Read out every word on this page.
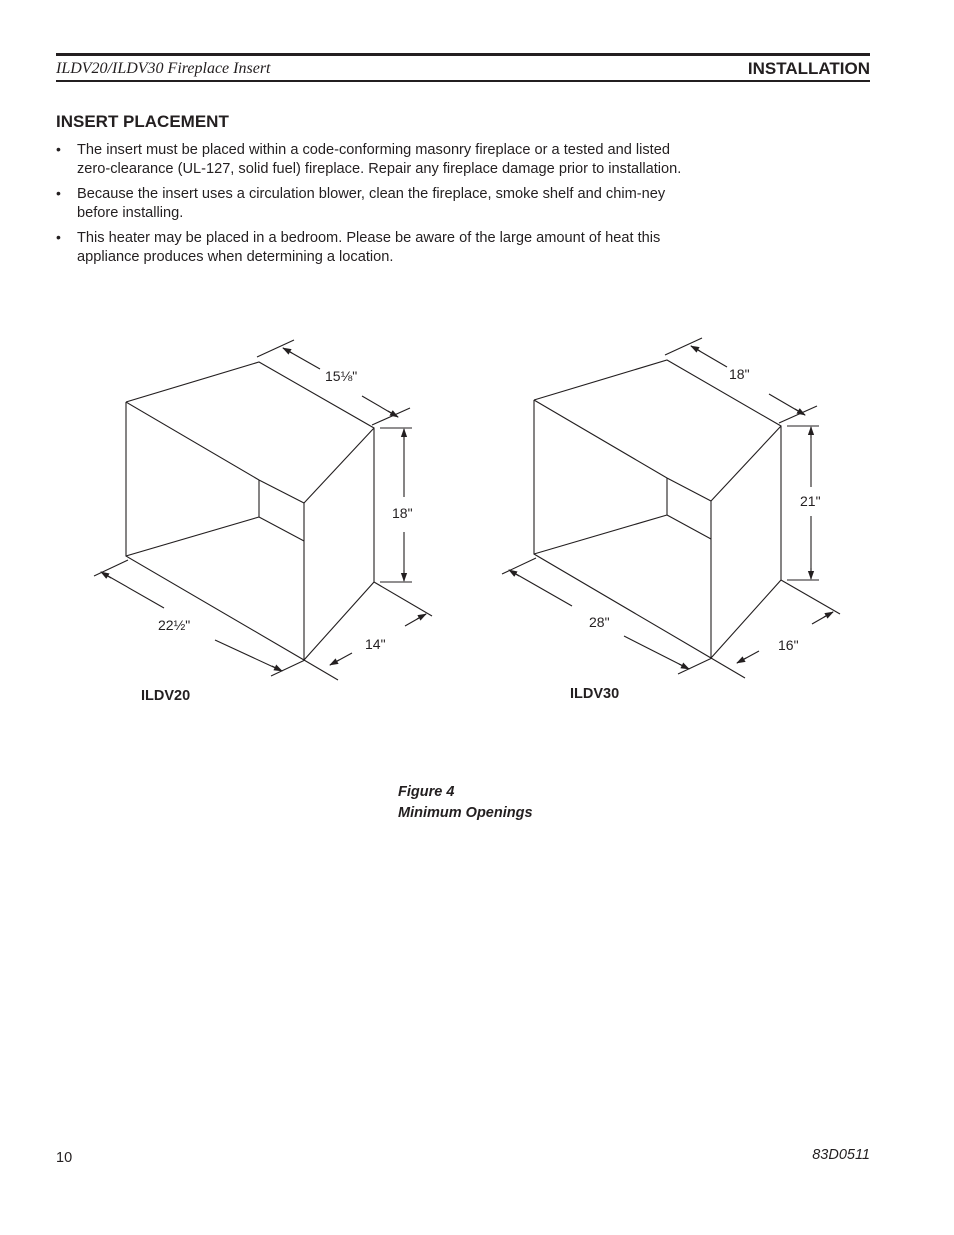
ILDV20/ILDV30 Fireplace Insert	INSTALLATION
INSERT PLACEMENT
• The insert must be placed within a code-conforming masonry fireplace or a tested and listed zero-clearance (UL-127, solid fuel) fireplace. Repair any fireplace damage prior to installation.
• Because the insert uses a circulation blower, clean the fireplace, smoke shelf and chim-ney before installing.
• This heater may be placed in a bedroom. Please be aware of the large amount of heat this appliance produces when determining a location.
15⅛"
18"
22½"
14"
ILDV20
18"
21"
28"
16"
ILDV30
Figure 4
Minimum Openings
10	83D0511
